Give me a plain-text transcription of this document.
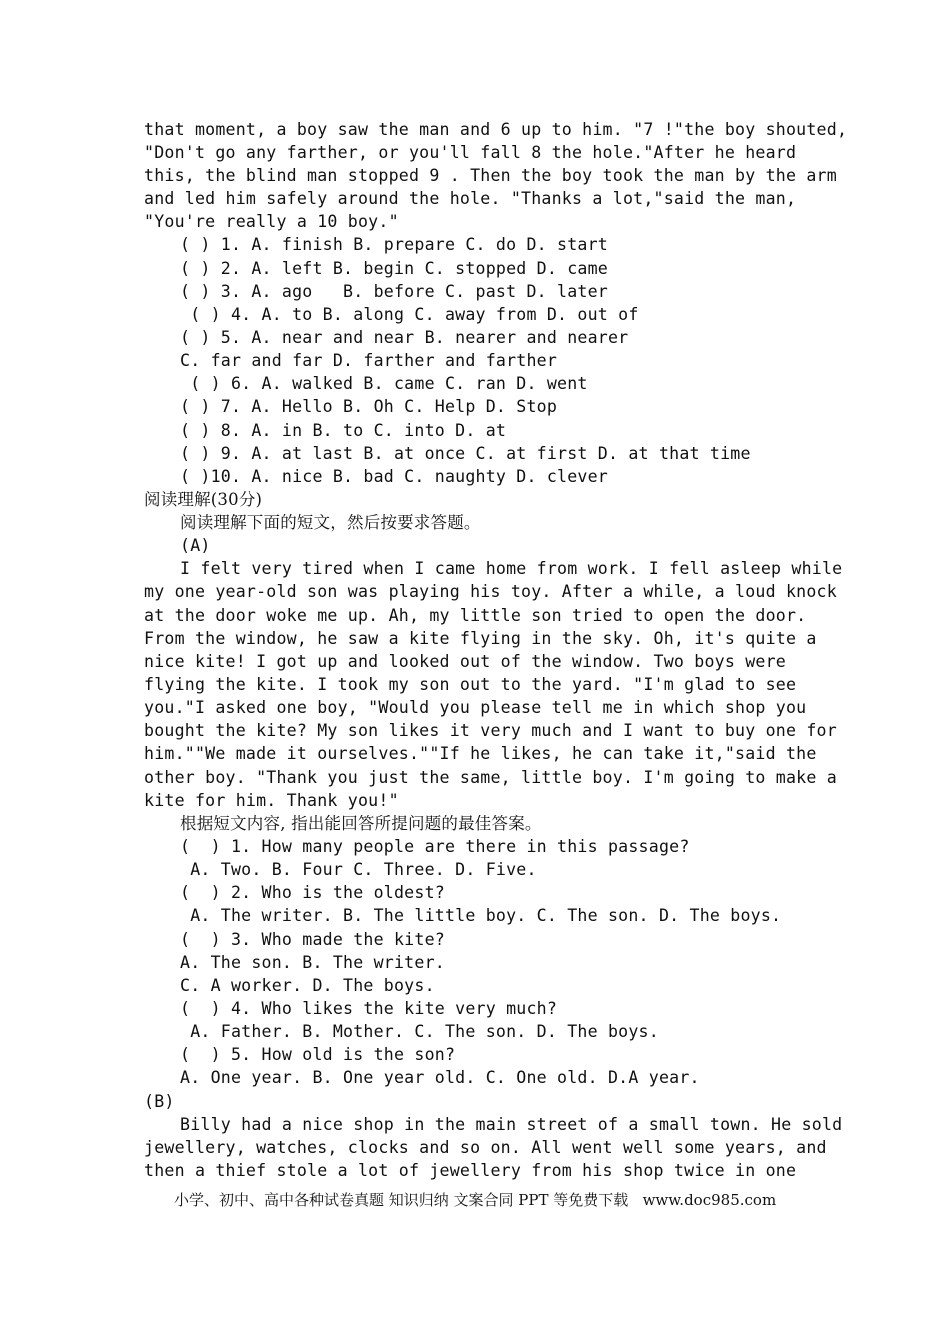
that moment, a boy saw the man and 6 up to him. "7 !"the boy shouted,
"Don't go any farther, or you'll fall 8 the hole."After he heard
this, the blind man stopped 9 . Then the boy took the man by the arm
and led him safely around the hole. "Thanks a lot,"said the man,
"You're really a 10 boy."
( ) 1. A. finish B. prepare C. do D. start
( ) 2. A. left B. begin C. stopped D. came
( ) 3. A. ago   B. before C. past D. later
( ) 4. A. to B. along C. away from D. out of
( ) 5. A. near and near B. nearer and nearer
C. far and far D. farther and farther
( ) 6. A. walked B. came C. ran D. went
( ) 7. A. Hello B. Oh C. Help D. Stop
( ) 8. A. in B. to C. into D. at
( ) 9. A. at last B. at once C. at first D. at that time
( )10. A. nice B. bad C. naughty D. clever
阅读理解(30分)
阅读理解下面的短文，然后按要求答题。
(A)
I felt very tired when I came home from work. I fell asleep while
my one year-old son was playing his toy. After a while, a loud knock
at the door woke me up. Ah, my little son tried to open the door.
From the window, he saw a kite flying in the sky. Oh, it's quite a
nice kite! I got up and looked out of the window. Two boys were
flying the kite. I took my son out to the yard. "I'm glad to see
you."I asked one boy, "Would you please tell me in which shop you
bought the kite? My son likes it very much and I want to buy one for
him.""We made it ourselves.""If he likes, he can take it,"said the
other boy. "Thank you just the same, little boy. I'm going to make a
kite for him. Thank you!"
根据短文内容, 指出能回答所提问题的最佳答案。
(  ) 1. How many people are there in this passage?
A. Two. B. Four C. Three. D. Five.
(  ) 2. Who is the oldest?
A. The writer. B. The little boy. C. The son. D. The boys.
(  ) 3. Who made the kite?
A. The son. B. The writer.
C. A worker. D. The boys.
(  ) 4. Who likes the kite very much?
A. Father. B. Mother. C. The son. D. The boys.
(  ) 5. How old is the son?
A. One year. B. One year old. C. One old. D.A year.
(B)
Billy had a nice shop in the main street of a small town. He sold
jewellery, watches, clocks and so on. All went well some years, and
then a thief stole a lot of jewellery from his shop twice in one
小学、初中、高中各种试卷真题 知识归纳 文案合同 PPT 等免费下载   www.doc985.com
